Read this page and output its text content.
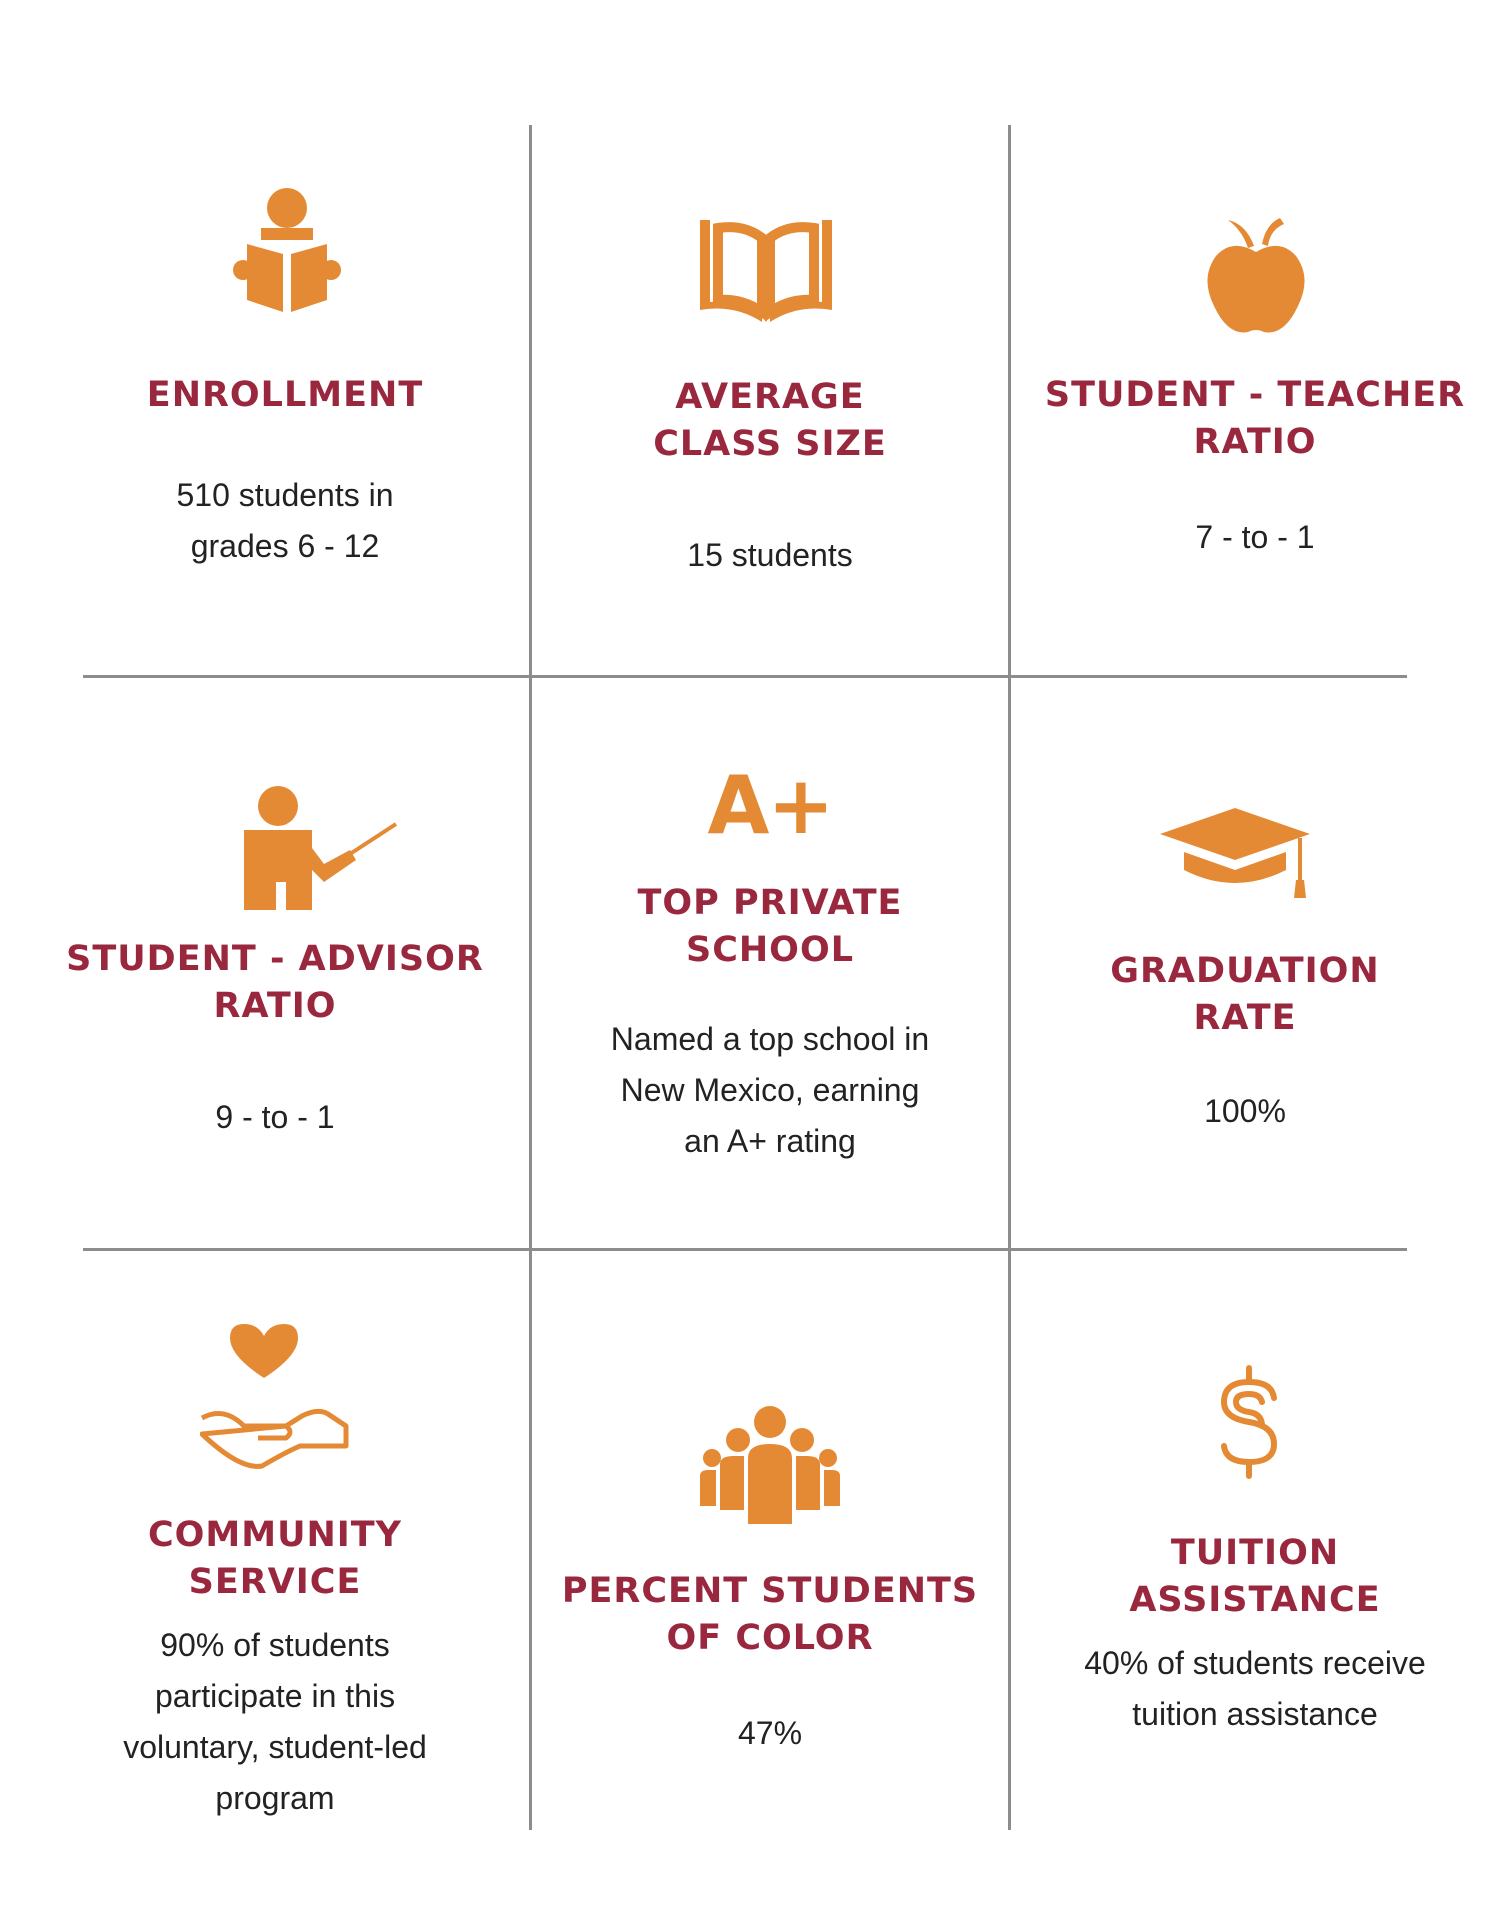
ENROLLMENT

510 students in
grades 6 - 12

AVERAGE
CLASS SIZE

15 students

STUDENT - TEACHER
RATIO

7 - to - 1

STUDENT - ADVISOR
RATIO

9 - to - 1

A+
TOP PRIVATE
SCHOOL

Named a top school in
New Mexico, earning
an A+ rating

GRADUATION
RATE

100%

COMMUNITY
SERVICE

90% of students
participate in this
voluntary, student-led
program

PERCENT STUDENTS
OF COLOR

47%

TUITION
ASSISTANCE

40% of students receive
tuition assistance
